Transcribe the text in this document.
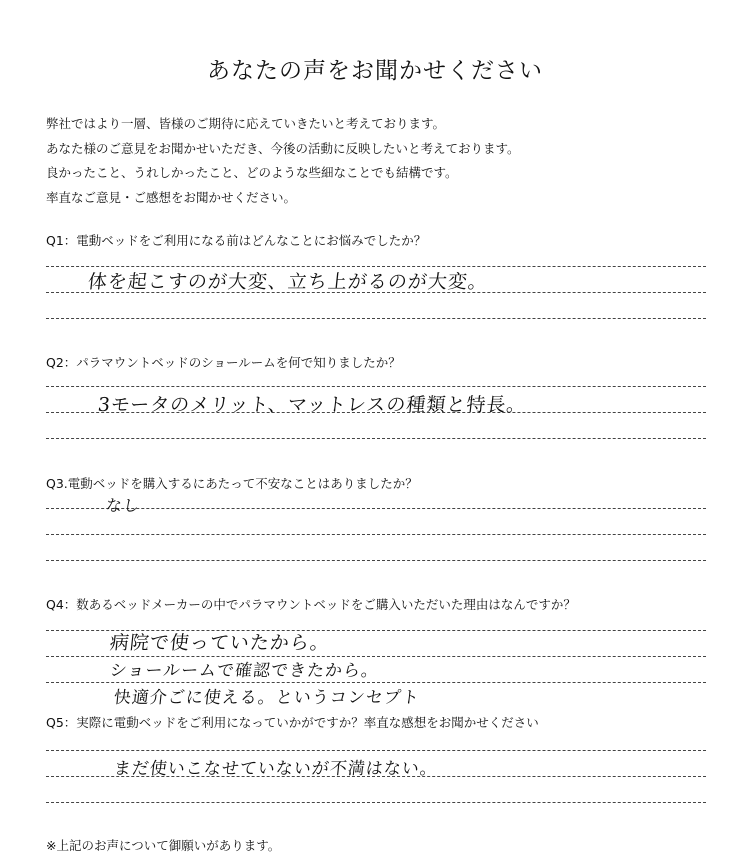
あなたの声をお聞かせください
弊社ではより一層、皆様のご期待に応えていきたいと考えております。
あなた様のご意見をお聞かせいただき、今後の活動に反映したいと考えております。
良かったこと、うれしかったこと、どのような些細なことでも結構です。
率直なご意見・ご感想をお聞かせください。
Q1：電動ベッドをご利用になる前はどんなことにお悩みでしたか？
体を起こすのが大変、立ち上がるのが大変。
Q2：パラマウントベッドのショールームを何で知りましたか？
3モータのメリット、マットレスの種類と特長。
Q3.電動ベッドを購入するにあたって不安なことはありましたか？
なし
Q4：数あるベッドメーカーの中でパラマウントベッドをご購入いただいた理由はなんですか？
病院で使っていたから。
ショールームで確認できたから。
快適介ごに使える。というコンセプト
Q5：実際に電動ベッドをご利用になっていかがですか？率直な感想をお聞かせください
まだ使いこなせていないが不満はない。
※上記のお声について御願いがあります。
